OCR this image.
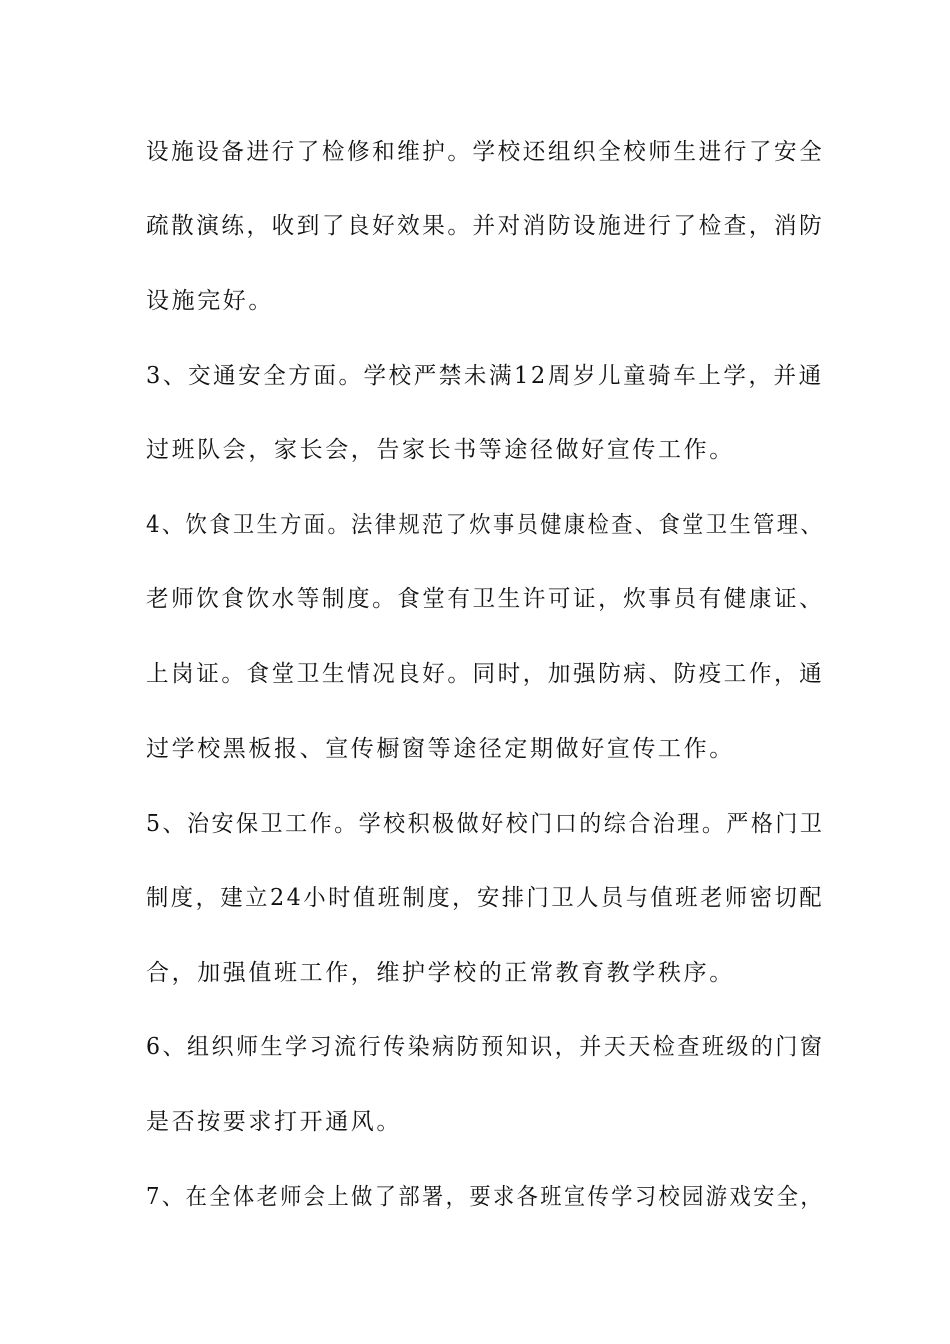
设施设备进行了检修和维护。学校还组织全校师生进行了安全
疏散演练，收到了良好效果。并对消防设施进行了检查，消防
设施完好。
3、交通安全方面。学校严禁未满12周岁儿童骑车上学，并通
过班队会，家长会，告家长书等途径做好宣传工作。
4、饮食卫生方面。法律规范了炊事员健康检查、食堂卫生管理、
老师饮食饮水等制度。食堂有卫生许可证，炊事员有健康证、
上岗证。食堂卫生情况良好。同时，加强防病、防疫工作，通
过学校黑板报、宣传橱窗等途径定期做好宣传工作。
5、治安保卫工作。学校积极做好校门口的综合治理。严格门卫
制度，建立24小时值班制度，安排门卫人员与值班老师密切配
合，加强值班工作，维护学校的正常教育教学秩序。
6、组织师生学习流行传染病防预知识，并天天检查班级的门窗
是否按要求打开通风。
7、在全体老师会上做了部署，要求各班宣传学习校园游戏安全，
